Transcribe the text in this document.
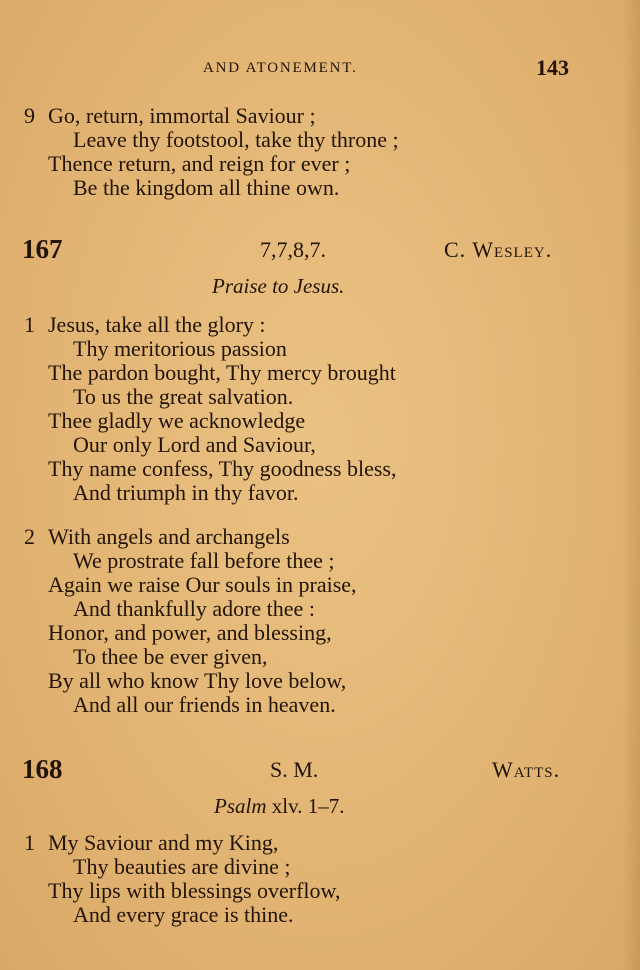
AND ATONEMENT.	143
9 Go, return, immortal Saviour ;
Leave thy footstool, take thy throne ;
Thence return, and reign for ever ;
Be the kingdom all thine own.
167	7,7,8,7.	C. Wesley.
Praise to Jesus.
1 Jesus, take all the glory :
Thy meritorious passion
The pardon bought, Thy mercy brought
To us the great salvation.
Thee gladly we acknowledge
Our only Lord and Saviour,
Thy name confess, Thy goodness bless,
And triumph in thy favor.
2 With angels and archangels
We prostrate fall before thee ;
Again we raise Our souls in praise,
And thankfully adore thee :
Honor, and power, and blessing,
To thee be ever given,
By all who know Thy love below,
And all our friends in heaven.
168	S. M.	Watts.
Psalm xlv. 1–7.
1 My Saviour and my King,
Thy beauties are divine ;
Thy lips with blessings overflow,
And every grace is thine.
